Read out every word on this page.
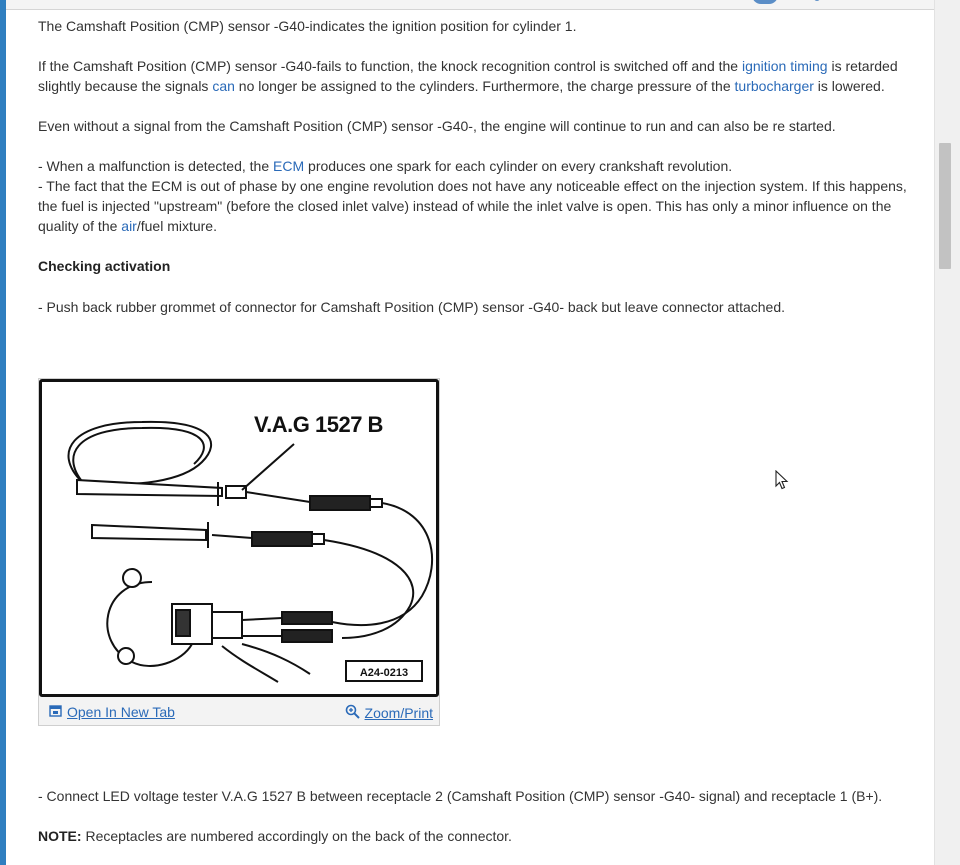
The Camshaft Position (CMP) sensor -G40-indicates the ignition position for cylinder 1.

If the Camshaft Position (CMP) sensor -G40-fails to function, the knock recognition control is switched off and the ignition timing is retarded slightly because the signals can no longer be assigned to the cylinders. Furthermore, the charge pressure of the turbocharger is lowered.

Even without a signal from the Camshaft Position (CMP) sensor -G40-, the engine will continue to run and can also be re started.

- When a malfunction is detected, the ECM produces one spark for each cylinder on every crankshaft revolution.

- The fact that the ECM is out of phase by one engine revolution does not have any noticeable effect on the injection system. If this happens, the fuel is injected "upstream" (before the closed inlet valve) instead of while the inlet valve is open. This has only a minor influence on the quality of the air/fuel mixture.

Checking activation

- Push back rubber grommet of connector for Camshaft Position (CMP) sensor -G40- back but leave connector attached.

V.A.G 1527 B
A24-0213
Open In New Tab	Zoom/Print

- Connect LED voltage tester V.A.G 1527 B between receptacle 2 (Camshaft Position (CMP) sensor -G40- signal) and receptacle 1 (B+).

NOTE: Receptacles are numbered accordingly on the back of the connector.
